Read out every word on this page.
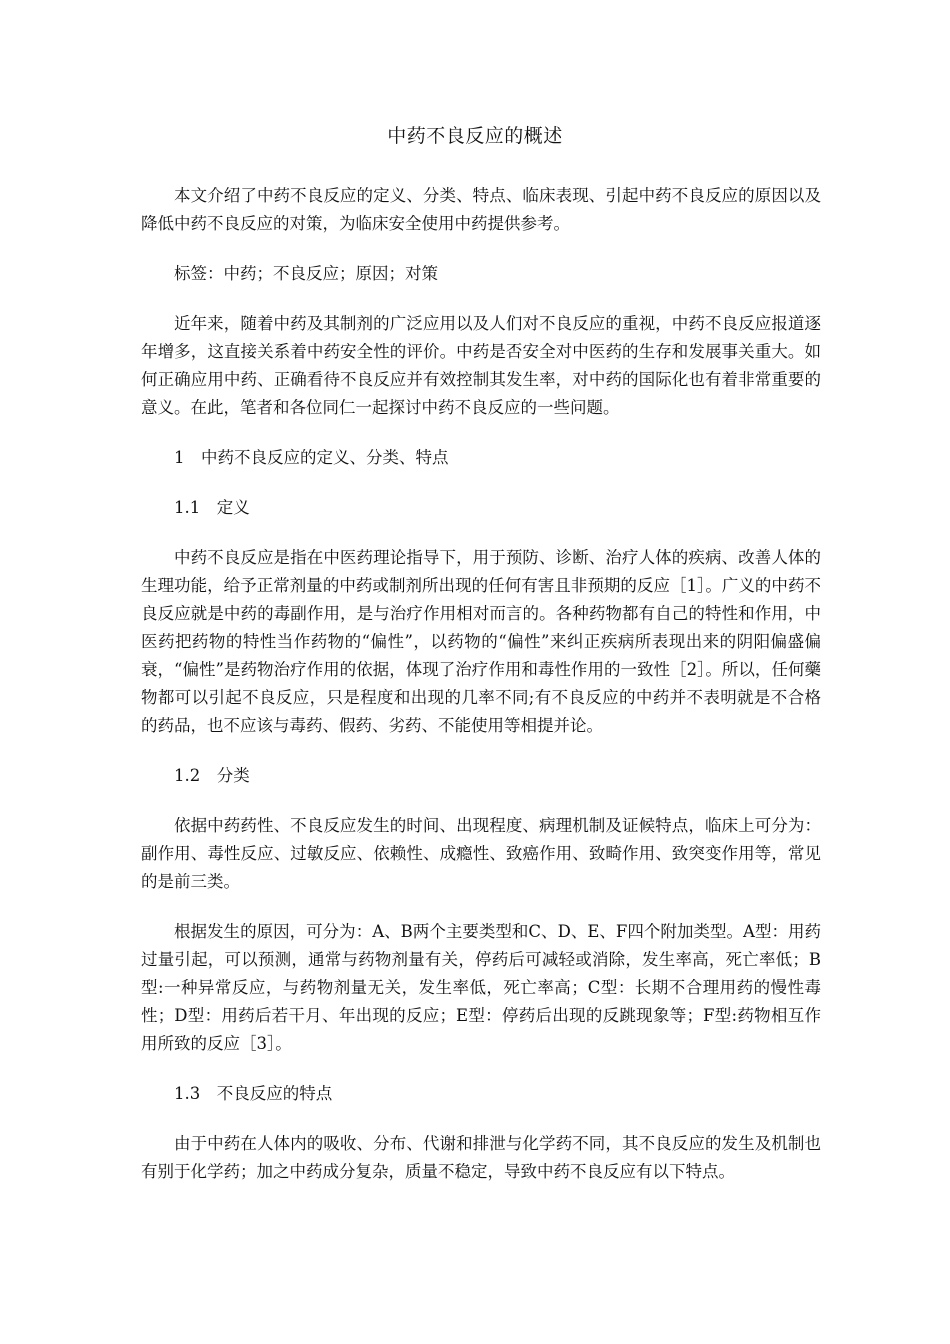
中药不良反应的概述

本文介绍了中药不良反应的定义、分类、特点、临床表现、引起中药不良反应的原因以及降低中药不良反应的对策，为临床安全使用中药提供参考。

标签：中药；不良反应；原因；对策

近年来，随着中药及其制剂的广泛应用以及人们对不良反应的重视，中药不良反应报道逐年增多，这直接关系着中药安全性的评价。中药是否安全对中医药的生存和发展事关重大。如何正确应用中药、正确看待不良反应并有效控制其发生率，对中药的国际化也有着非常重要的意义。在此，笔者和各位同仁一起探讨中药不良反应的一些问题。

1　中药不良反应的定义、分类、特点

1.1　定义

中药不良反应是指在中医药理论指导下，用于预防、诊断、治疗人体的疾病、改善人体的生理功能，给予正常剂量的中药或制剂所出现的任何有害且非预期的反应［1］。广义的中药不良反应就是中药的毒副作用，是与治疗作用相对而言的。各种药物都有自己的特性和作用，中医药把药物的特性当作药物的“偏性”，以药物的“偏性”来纠正疾病所表现出来的阴阳偏盛偏衰，“偏性”是药物治疗作用的依据，体现了治疗作用和毒性作用的一致性［2］。所以，任何藥物都可以引起不良反应，只是程度和出现的几率不同;有不良反应的中药并不表明就是不合格的药品，也不应该与毒药、假药、劣药、不能使用等相提并论。

1.2　分类

依据中药药性、不良反应发生的时间、出现程度、病理机制及证候特点，临床上可分为：副作用、毒性反应、过敏反应、依赖性、成瘾性、致癌作用、致畸作用、致突变作用等，常见的是前三类。

根据发生的原因，可分为：A、B两个主要类型和C、D、E、F四个附加类型。A型：用药过量引起，可以预测，通常与药物剂量有关，停药后可减轻或消除，发生率高，死亡率低；B型:一种异常反应，与药物剂量无关，发生率低，死亡率高；C型：长期不合理用药的慢性毒性；D型：用药后若干月、年出现的反应；E型：停药后出现的反跳现象等；F型:药物相互作用所致的反应［3］。

1.3　不良反应的特点

由于中药在人体内的吸收、分布、代谢和排泄与化学药不同，其不良反应的发生及机制也有别于化学药；加之中药成分复杂，质量不稳定，导致中药不良反应有以下特点。
